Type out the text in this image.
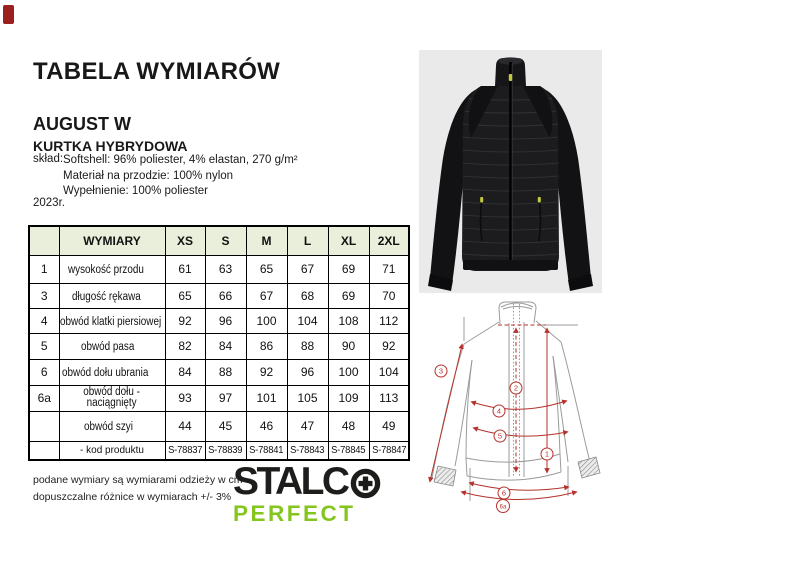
TABELA WYMIARÓW
AUGUST W
KURTKA HYBRYDOWA
skład: Softshell: 96% poliester, 4% elastan, 270 g/m²
Materiał na przodzie: 100% nylon
Wypełnienie: 100% poliester
2023r.
	WYMIARY	XS	S	M	L	XL	2XL
1	wysokość przodu	61	63	65	67	69	71
3	długość rękawa	65	66	67	68	69	70
4	obwód klatki piersiowej	92	96	100	104	108	112
5	obwód pasa	82	84	86	88	90	92
6	obwód dołu ubrania	84	88	92	96	100	104
6a	obwód dołu - naciągnięty	93	97	101	105	109	113
	obwód szyi	44	45	46	47	48	49
	- kod produktu	S-78837	S-78839	S-78841	S-78843	S-78845	S-78847
podane wymiary są wymiarami odzieży w cm
dopuszczalne różnice w wymiarach +/- 3% STALC
PERFECT
3
2
4
5
1
6
6a
